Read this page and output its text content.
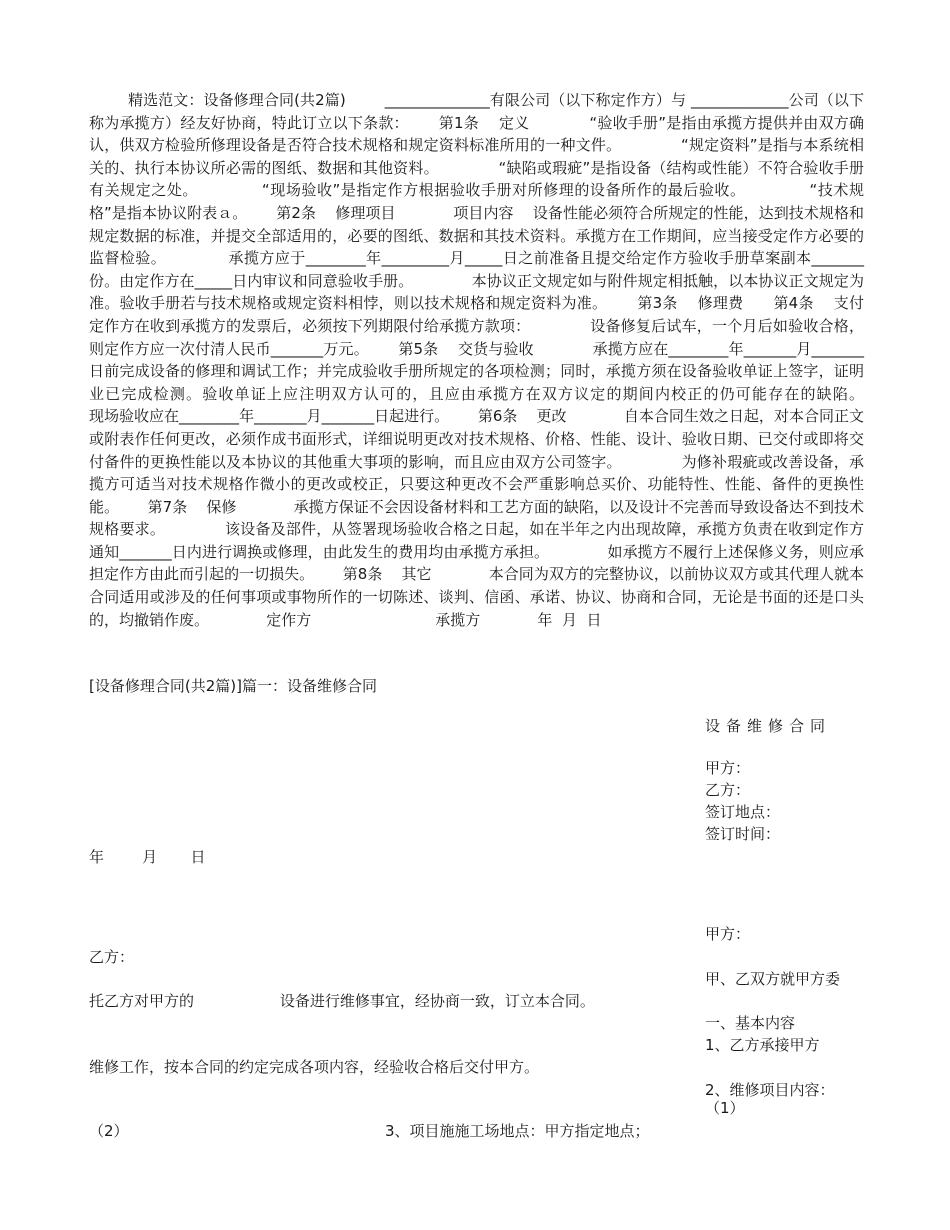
精选范文：设备修理合同(共2篇)        ______________有限公司（以下称定作方）与 _____________公司（以下称为承揽方）经友好协商，特此订立以下条款：      第1条    定义            “验收手册”是指由承揽方提供并由双方确认，供双方检验所修理设备是否符合技术规格和规定资料标准所用的一种文件。            “规定资料”是指与本系统相关的、执行本协议所必需的图纸、数据和其他资料。            “缺陷或瑕疵”是指设备（结构或性能）不符合验收手册有关规定之处。            “现场验收”是指定作方根据验收手册对所修理的设备所作的最后验收。            “技术规格”是指本协议附表ａ。      第2条    修理项目            项目内容    设备性能必须符合所规定的性能，达到技术规格和规定数据的标准，并提交全部适用的，必要的图纸、数据和其技术资料。承揽方在工作期间，应当接受定作方必要的监督检验。            承揽方应于________年_________月_____日之前准备且提交给定作方验收手册草案副本_______份。由定作方在_____日内审议和同意验收手册。            本协议正文规定如与附件规定相抵触，以本协议正文规定为准。验收手册若与技术规格或规定资料相悖，则以技术规格和规定资料为准。      第3条    修理费      第4条    支付            定作方在收到承揽方的发票后，必须按下列期限付给承揽方款项：            设备修复后试车，一个月后如验收合格，则定作方应一次付清人民币_______万元。      第5条    交货与验收            承揽方应在________年_______月_______日前完成设备的修理和调试工作；并完成验收手册所规定的各项检测；同时，承揽方须在设备验收单证上签字，证明业已完成检测。验收单证上应注明双方认可的，且应由承揽方在双方议定的期间内校正的仍可能存在的缺陷。            现场验收应在________年_______月_______日起进行。      第6条    更改            自本合同生效之日起，对本合同正文或附表作任何更改，必须作成书面形式，详细说明更改对技术规格、价格、性能、设计、验收日期、已交付或即将交付备件的更换性能以及本协议的其他重大事项的影响，而且应由双方公司签字。            为修补瑕疵或改善设备，承揽方可适当对技术规格作微小的更改或校正，只要这种更改不会严重影响总买价、功能特性、性能、备件的更换性能。      第7条    保修            承揽方保证不会因设备材料和工艺方面的缺陷，以及设计不完善而导致设备达不到技术规格要求。            该设备及部件，从签署现场验收合格之日起，如在半年之内出现故障，承揽方负责在收到定作方通知_______日内进行调换或修理，由此发生的费用均由承揽方承担。            如承揽方不履行上述保修义务，则应承担定作方由此而引起的一切损失。      第8条    其它            本合同为双方的完整协议，以前协议双方或其代理人就本合同适用或涉及的任何事项或事物所作的一切陈述、谈判、信函、承诺、协议、协商和合同，无论是书面的还是口头的，均撤销作废。            定作方                          承揽方            年  月  日
[设备修理合同(共2篇)]篇一：设备维修合同
设备维修合同
甲方：
乙方：
签订地点：
签订时间：
年        月       日
甲方：
乙方：
甲、乙双方就甲方委
托乙方对甲方的                  设备进行维修事宜，经协商一致，订立本合同。
一、基本内容
1、乙方承接甲方
维修工作，按本合同的约定完成各项内容，经验收合格后交付甲方。
2、维修项目内容：
（1）
（2）	3、项目施施工场地点：甲方指定地点；
